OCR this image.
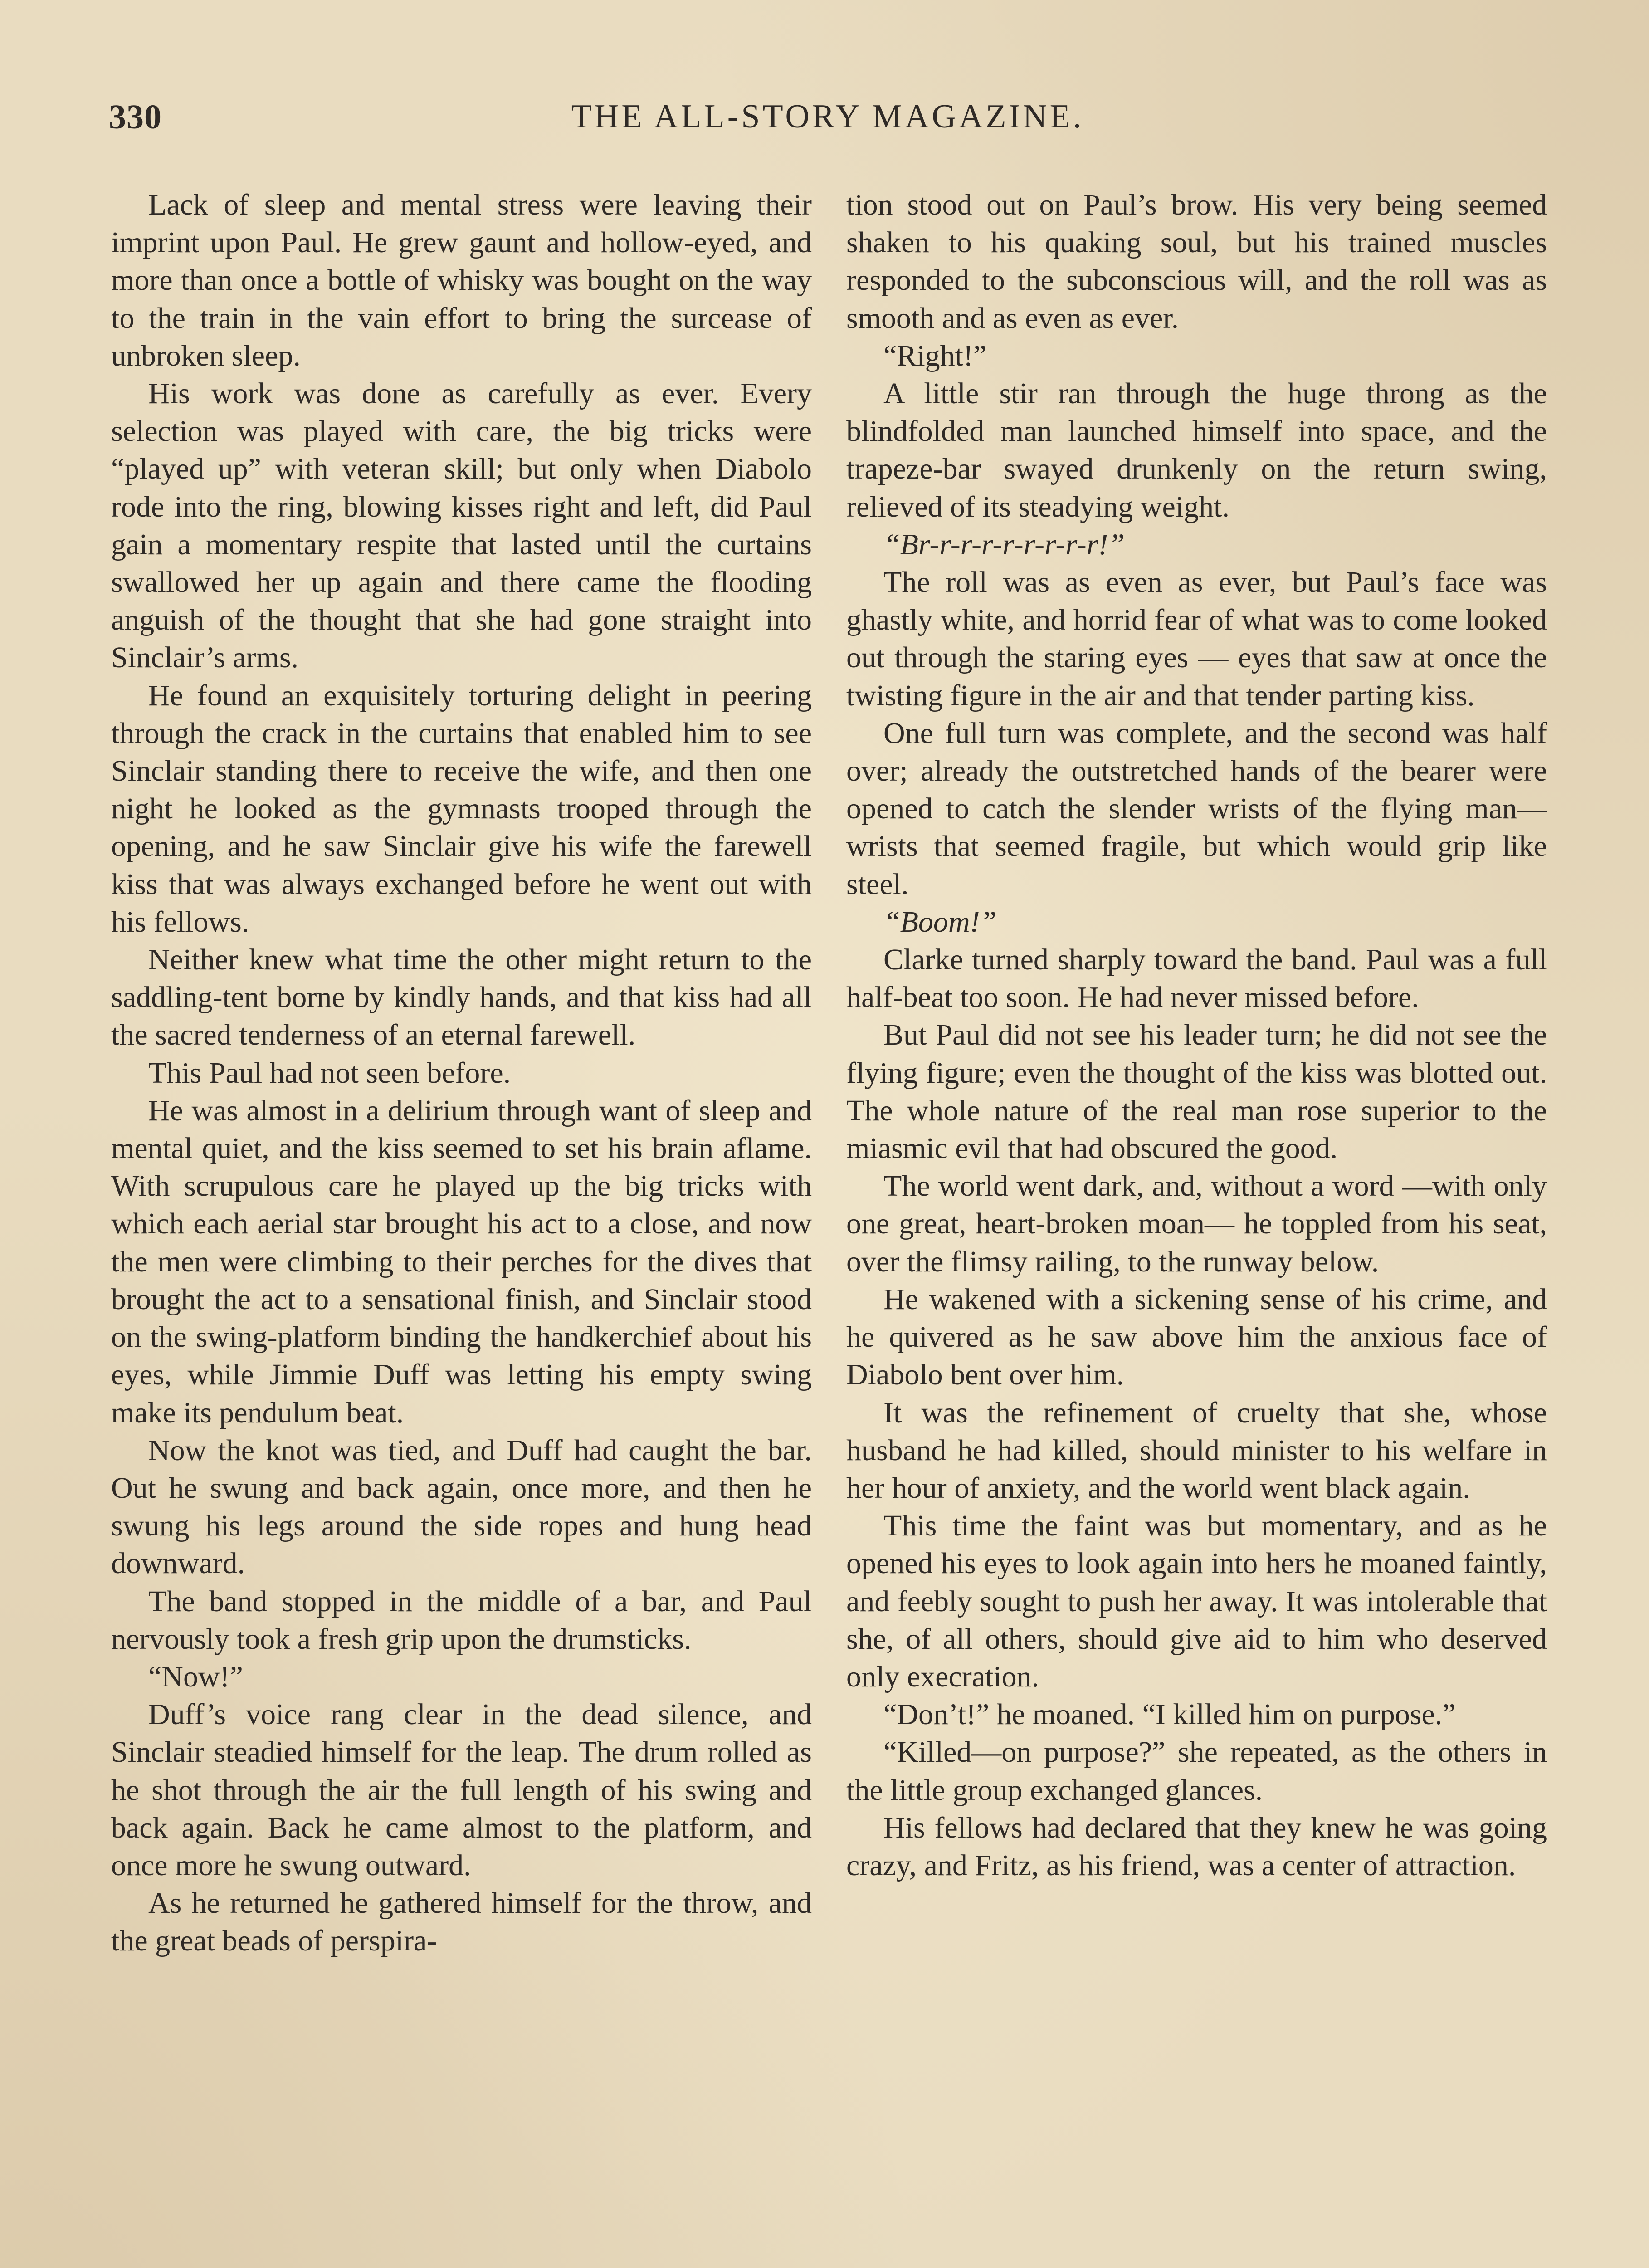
330	THE ALL-STORY MAGAZINE.

Lack of sleep and mental stress were leaving their imprint upon Paul. He grew gaunt and hollow-eyed, and more than once a bottle of whisky was bought on the way to the train in the vain effort to bring the surcease of unbroken sleep.

His work was done as carefully as ever. Every selection was played with care, the big tricks were “played up” with veteran skill; but only when Diabolo rode into the ring, blowing kisses right and left, did Paul gain a momentary respite that lasted until the curtains swallowed her up again and there came the flooding anguish of the thought that she had gone straight into Sinclair’s arms.

He found an exquisitely torturing delight in peering through the crack in the curtains that enabled him to see Sinclair standing there to receive the wife, and then one night he looked as the gymnasts trooped through the opening, and he saw Sinclair give his wife the farewell kiss that was always exchanged before he went out with his fellows.

Neither knew what time the other might return to the saddling-tent borne by kindly hands, and that kiss had all the sacred tenderness of an eternal farewell.

This Paul had not seen before.

He was almost in a delirium through want of sleep and mental quiet, and the kiss seemed to set his brain aflame. With scrupulous care he played up the big tricks with which each aerial star brought his act to a close, and now the men were climbing to their perches for the dives that brought the act to a sensational finish, and Sinclair stood on the swing-platform binding the handkerchief about his eyes, while Jimmie Duff was letting his empty swing make its pendulum beat.

Now the knot was tied, and Duff had caught the bar. Out he swung and back again, once more, and then he swung his legs around the side ropes and hung head downward.

The band stopped in the middle of a bar, and Paul nervously took a fresh grip upon the drumsticks.

“Now!”

Duff’s voice rang clear in the dead silence, and Sinclair steadied himself for the leap. The drum rolled as he shot through the air the full length of his swing and back again. Back he came almost to the platform, and once more he swung outward.

As he returned he gathered himself for the throw, and the great beads of perspira-

tion stood out on Paul’s brow. His very being seemed shaken to his quaking soul, but his trained muscles responded to the subconscious will, and the roll was as smooth and as even as ever.

“Right!”

A little stir ran through the huge throng as the blindfolded man launched himself into space, and the trapeze-bar swayed drunkenly on the return swing, relieved of its steadying weight.

“Br-r-r-r-r-r-r-r-r!”

The roll was as even as ever, but Paul’s face was ghastly white, and horrid fear of what was to come looked out through the staring eyes — eyes that saw at once the twisting figure in the air and that tender parting kiss.

One full turn was complete, and the second was half over; already the outstretched hands of the bearer were opened to catch the slender wrists of the flying man—wrists that seemed fragile, but which would grip like steel.

“Boom!”

Clarke turned sharply toward the band. Paul was a full half-beat too soon. He had never missed before.

But Paul did not see his leader turn; he did not see the flying figure; even the thought of the kiss was blotted out. The whole nature of the real man rose superior to the miasmic evil that had obscured the good.

The world went dark, and, without a word —with only one great, heart-broken moan— he toppled from his seat, over the flimsy railing, to the runway below.

He wakened with a sickening sense of his crime, and he quivered as he saw above him the anxious face of Diabolo bent over him.

It was the refinement of cruelty that she, whose husband he had killed, should minister to his welfare in her hour of anxiety, and the world went black again.

This time the faint was but momentary, and as he opened his eyes to look again into hers he moaned faintly, and feebly sought to push her away. It was intolerable that she, of all others, should give aid to him who deserved only execration.

“Don’t!” he moaned. “I killed him on purpose.”

“Killed—on purpose?” she repeated, as the others in the little group exchanged glances.

His fellows had declared that they knew he was going crazy, and Fritz, as his friend, was a center of attraction.
